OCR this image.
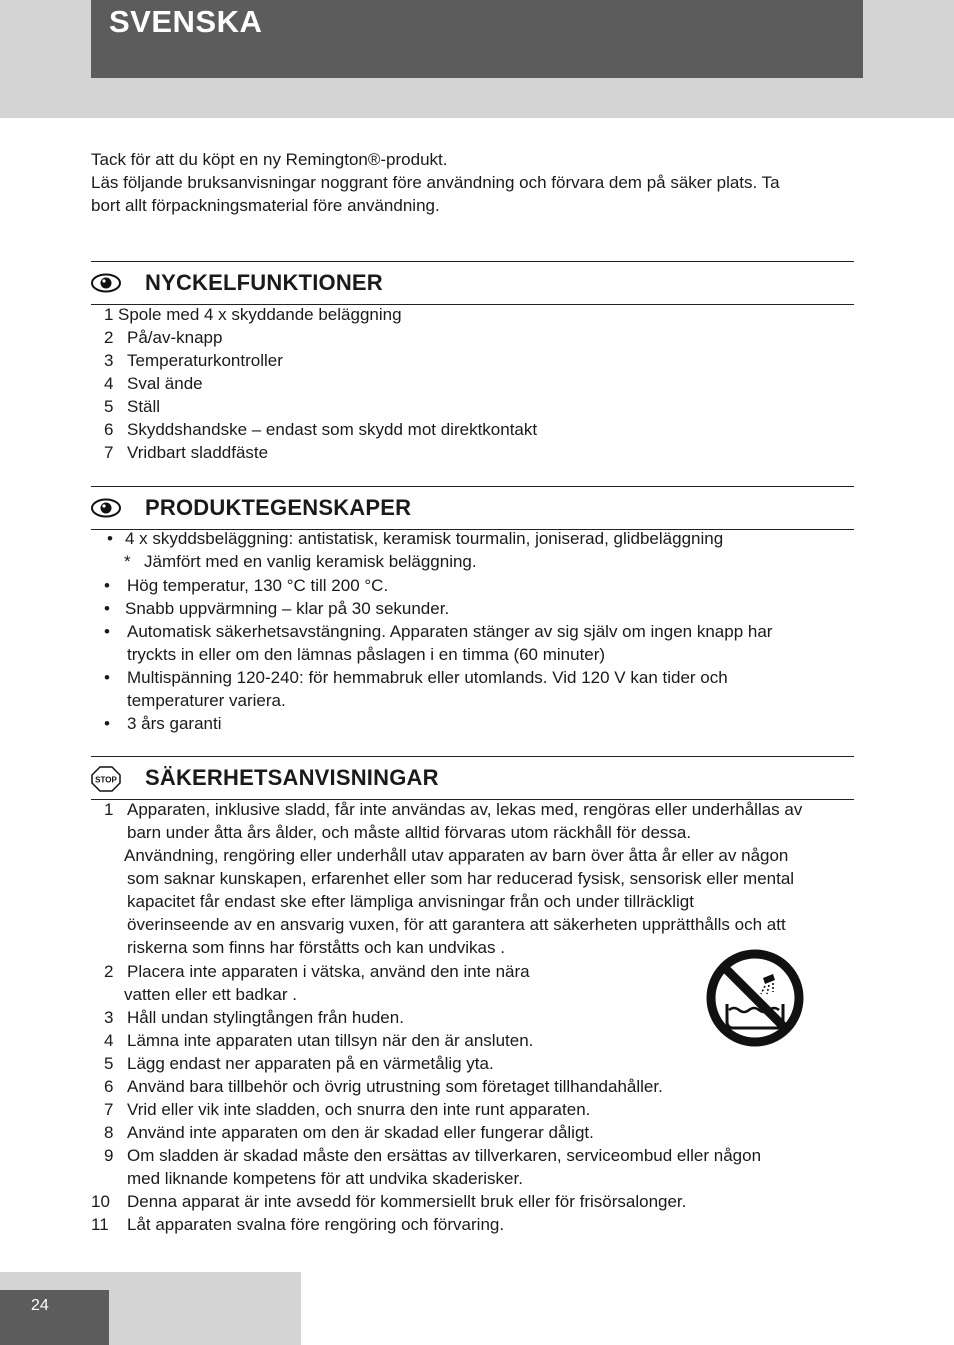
SVENSKA

Tack för att du köpt en ny Remington®-produkt.

Läs följande bruksanvisningar noggrant före användning och förvara dem på säker plats. Ta

bort allt förpackningsmaterial före användning.

NYCKELFUNKTIONER
1 Spole med 4 x skyddande beläggning
2 På/av-knapp
3 Temperaturkontroller
4 Sval ände
5 Ställ
6 Skyddshandske – endast som skydd mot direktkontakt
7 Vridbart sladdfäste
PRODUKTEGENSKAPER
• 4 x skyddsbeläggning: antistatisk, keramisk tourmalin, joniserad, glidbeläggning
* Jämfört med en vanlig keramisk beläggning.
•	Hög temperatur, 130 °C till 200 °C.
• Snabb uppvärmning – klar på 30 sekunder.
• Automatisk säkerhetsavstängning. Apparaten stänger av sig själv om ingen knapp har
tryckts in eller om den lämnas påslagen i en timma (60 minuter)
• Multispänning 120-240: för hemmabruk eller utomlands. Vid 120 V kan tider och
temperaturer variera.
•	3 års garanti
STOP SÄKERHETSANVISNINGAR
1 Apparaten, inklusive sladd, får inte användas av, lekas med, rengöras eller underhållas av
barn under åtta års ålder, och måste alltid förvaras utom räckhåll för dessa.
Användning, rengöring eller underhåll utav apparaten av barn över åtta år eller av någon
som saknar kunskapen, erfarenhet eller som har reducerad fysisk, sensorisk eller mental
kapacitet får endast ske efter lämpliga anvisningar från och under tillräckligt
överinseende av en ansvarig vuxen, för att garantera att säkerheten upprätthålls och att
riskerna som finns har förståtts och kan undvikas .
2 Placera inte apparaten i vätska, använd den inte nära
vatten eller ett badkar .
3 Håll undan stylingtången från huden.
4 Lämna inte apparaten utan tillsyn när den är ansluten.
5 Lägg endast ner apparaten på en värmetålig yta.
6 Använd bara tillbehör och övrig utrustning som företaget tillhandahåller.
7 Vrid eller vik inte sladden, och snurra den inte runt apparaten.
8 Använd inte apparaten om den är skadad eller fungerar dåligt.
9 Om sladden är skadad måste den ersättas av tillverkaren, serviceombud eller någon
med liknande kompetens för att undvika skaderisker.
10	Denna apparat är inte avsedd för kommersiellt bruk eller för frisörsalonger.
11	Låt apparaten svalna före rengöring och förvaring.
24
